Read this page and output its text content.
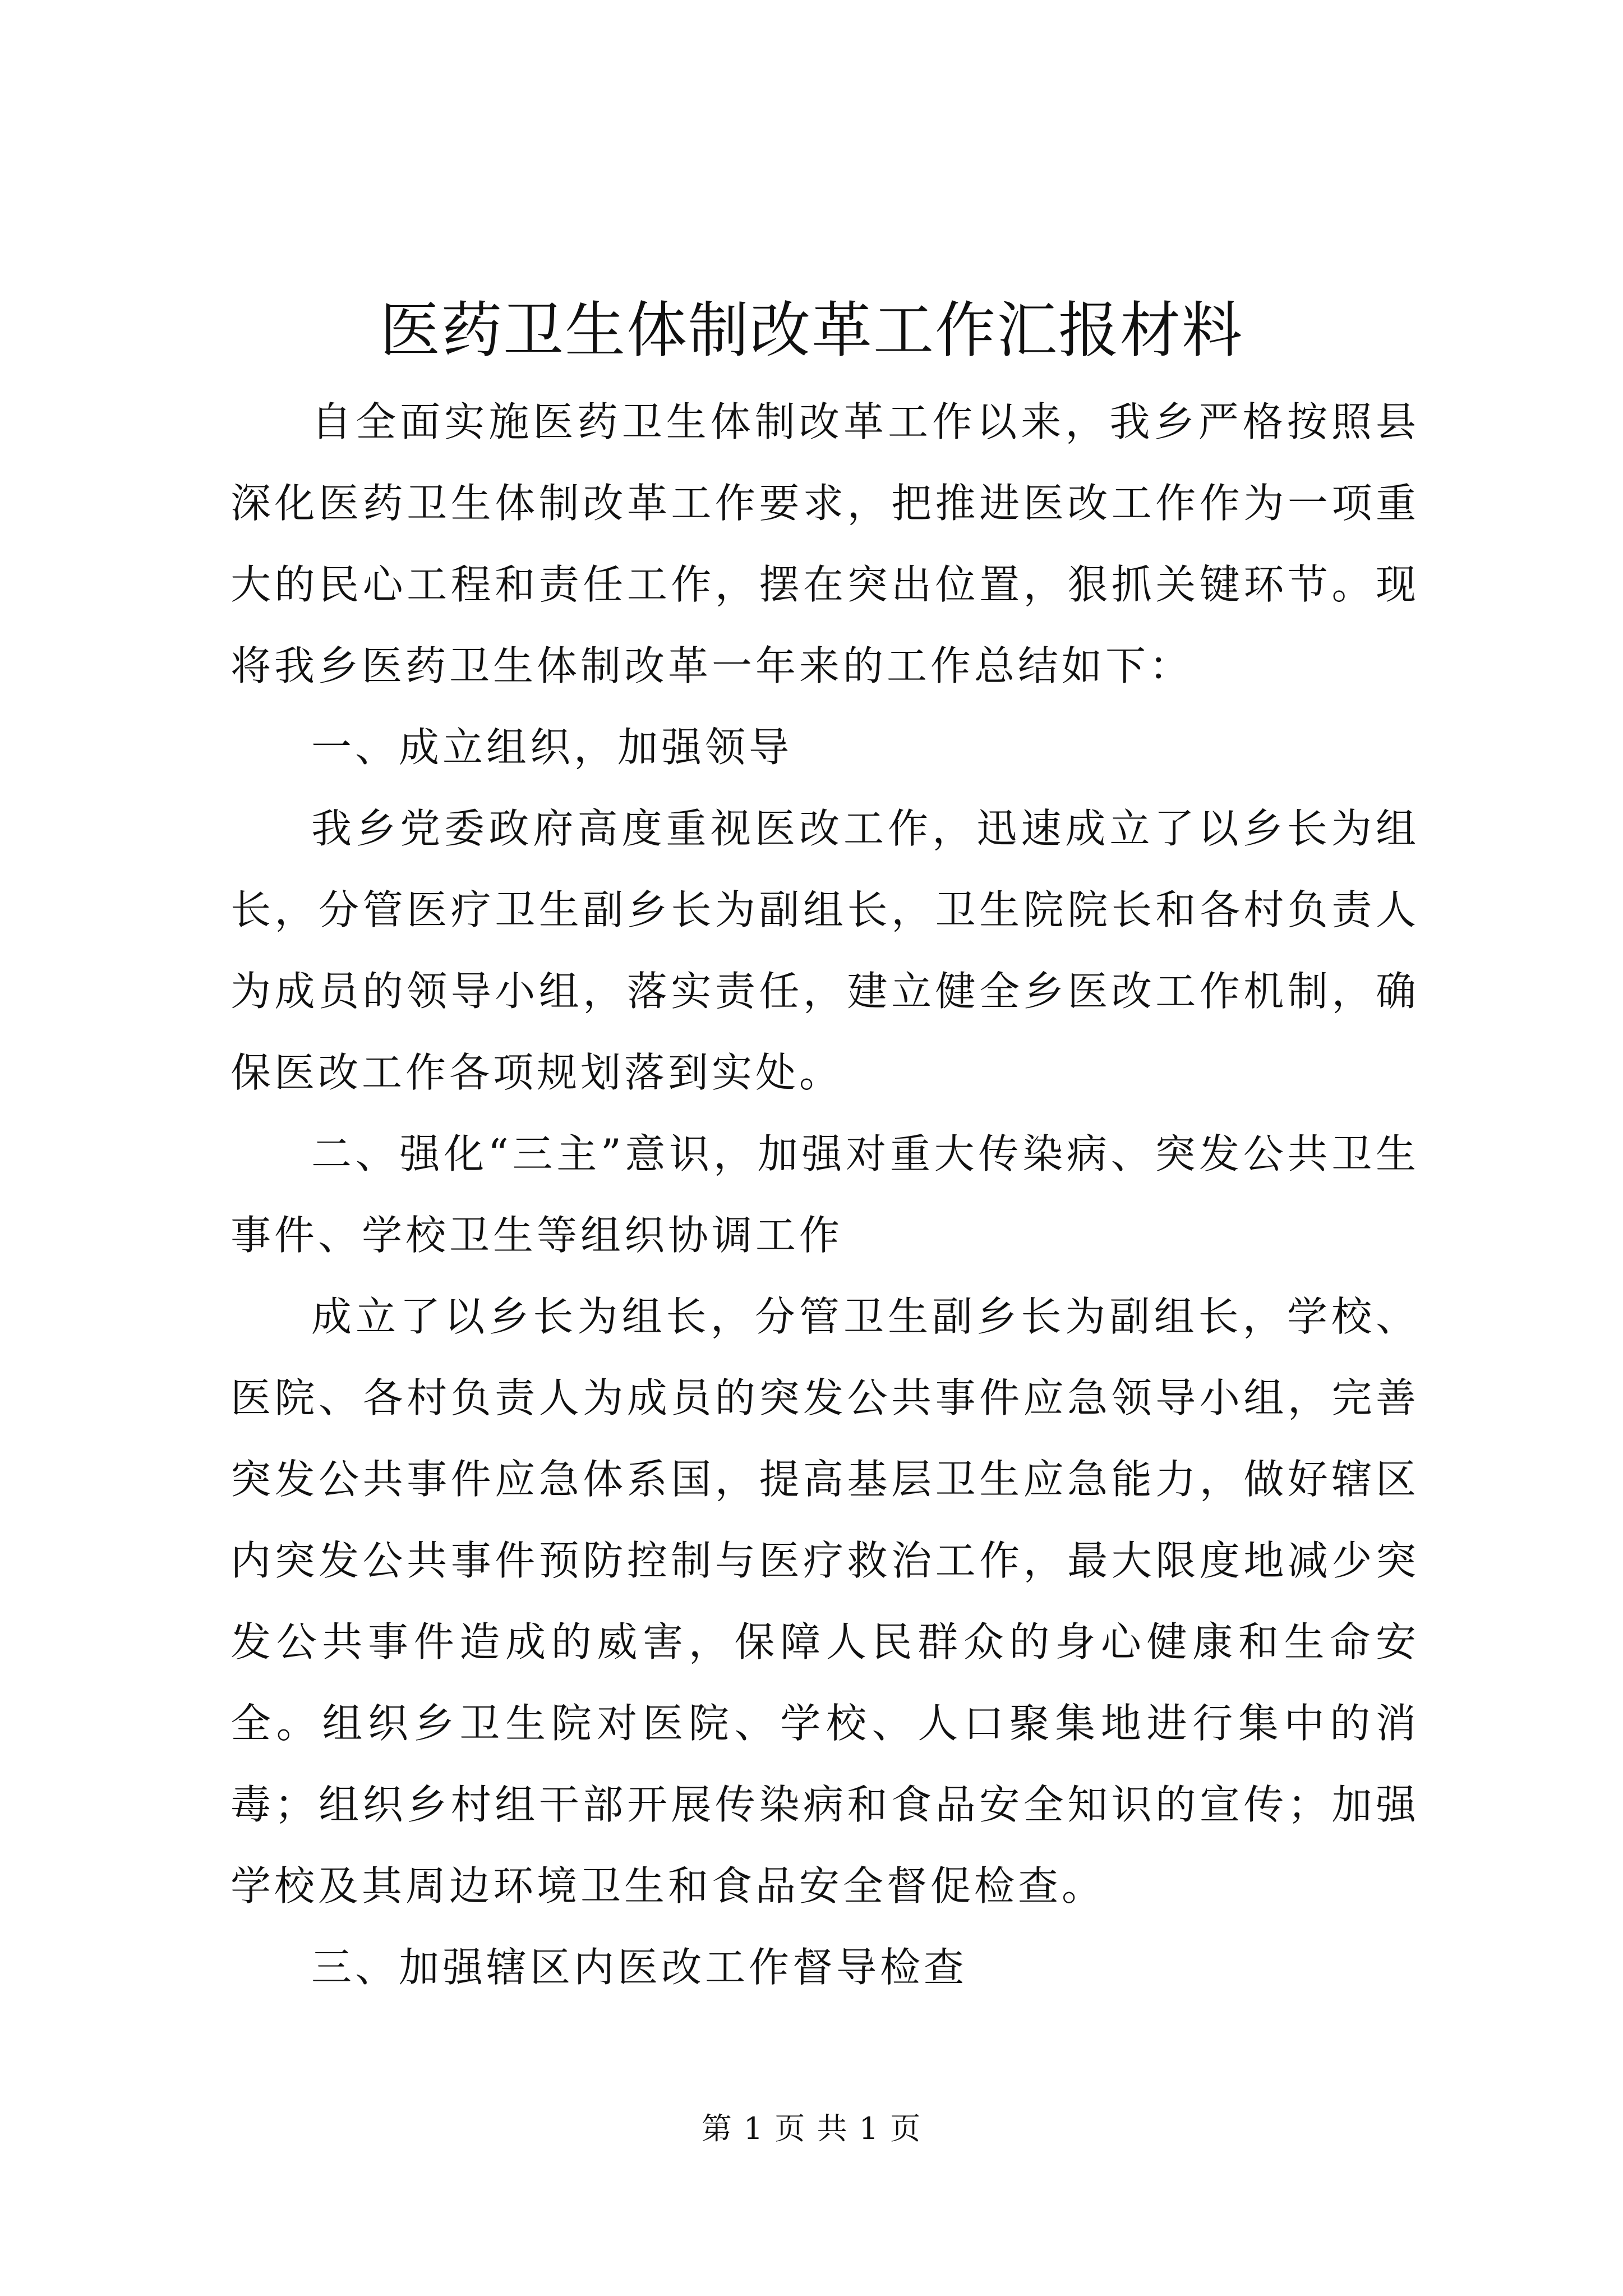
医药卫生体制改革工作汇报材料

自全面实施医药卫生体制改革工作以来，我乡严格按照县深化医药卫生体制改革工作要求，把推进医改工作作为一项重大的民心工程和责任工作，摆在突出位置，狠抓关键环节。现将我乡医药卫生体制改革一年来的工作总结如下：

一、成立组织，加强领导

我乡党委政府高度重视医改工作，迅速成立了以乡长为组长，分管医疗卫生副乡长为副组长，卫生院院长和各村负责人为成员的领导小组，落实责任，建立健全乡医改工作机制，确保医改工作各项规划落到实处。

二、强化“三主”意识，加强对重大传染病、突发公共卫生事件、学校卫生等组织协调工作

成立了以乡长为组长，分管卫生副乡长为副组长，学校、医院、各村负责人为成员的突发公共事件应急领导小组，完善突发公共事件应急体系国，提高基层卫生应急能力，做好辖区内突发公共事件预防控制与医疗救治工作，最大限度地减少突发公共事件造成的威害，保障人民群众的身心健康和生命安全。组织乡卫生院对医院、学校、人口聚集地进行集中的消毒；组织乡村组干部开展传染病和食品安全知识的宣传；加强学校及其周边环境卫生和食品安全督促检查。

三、加强辖区内医改工作督导检查

第 1 页 共 1 页
